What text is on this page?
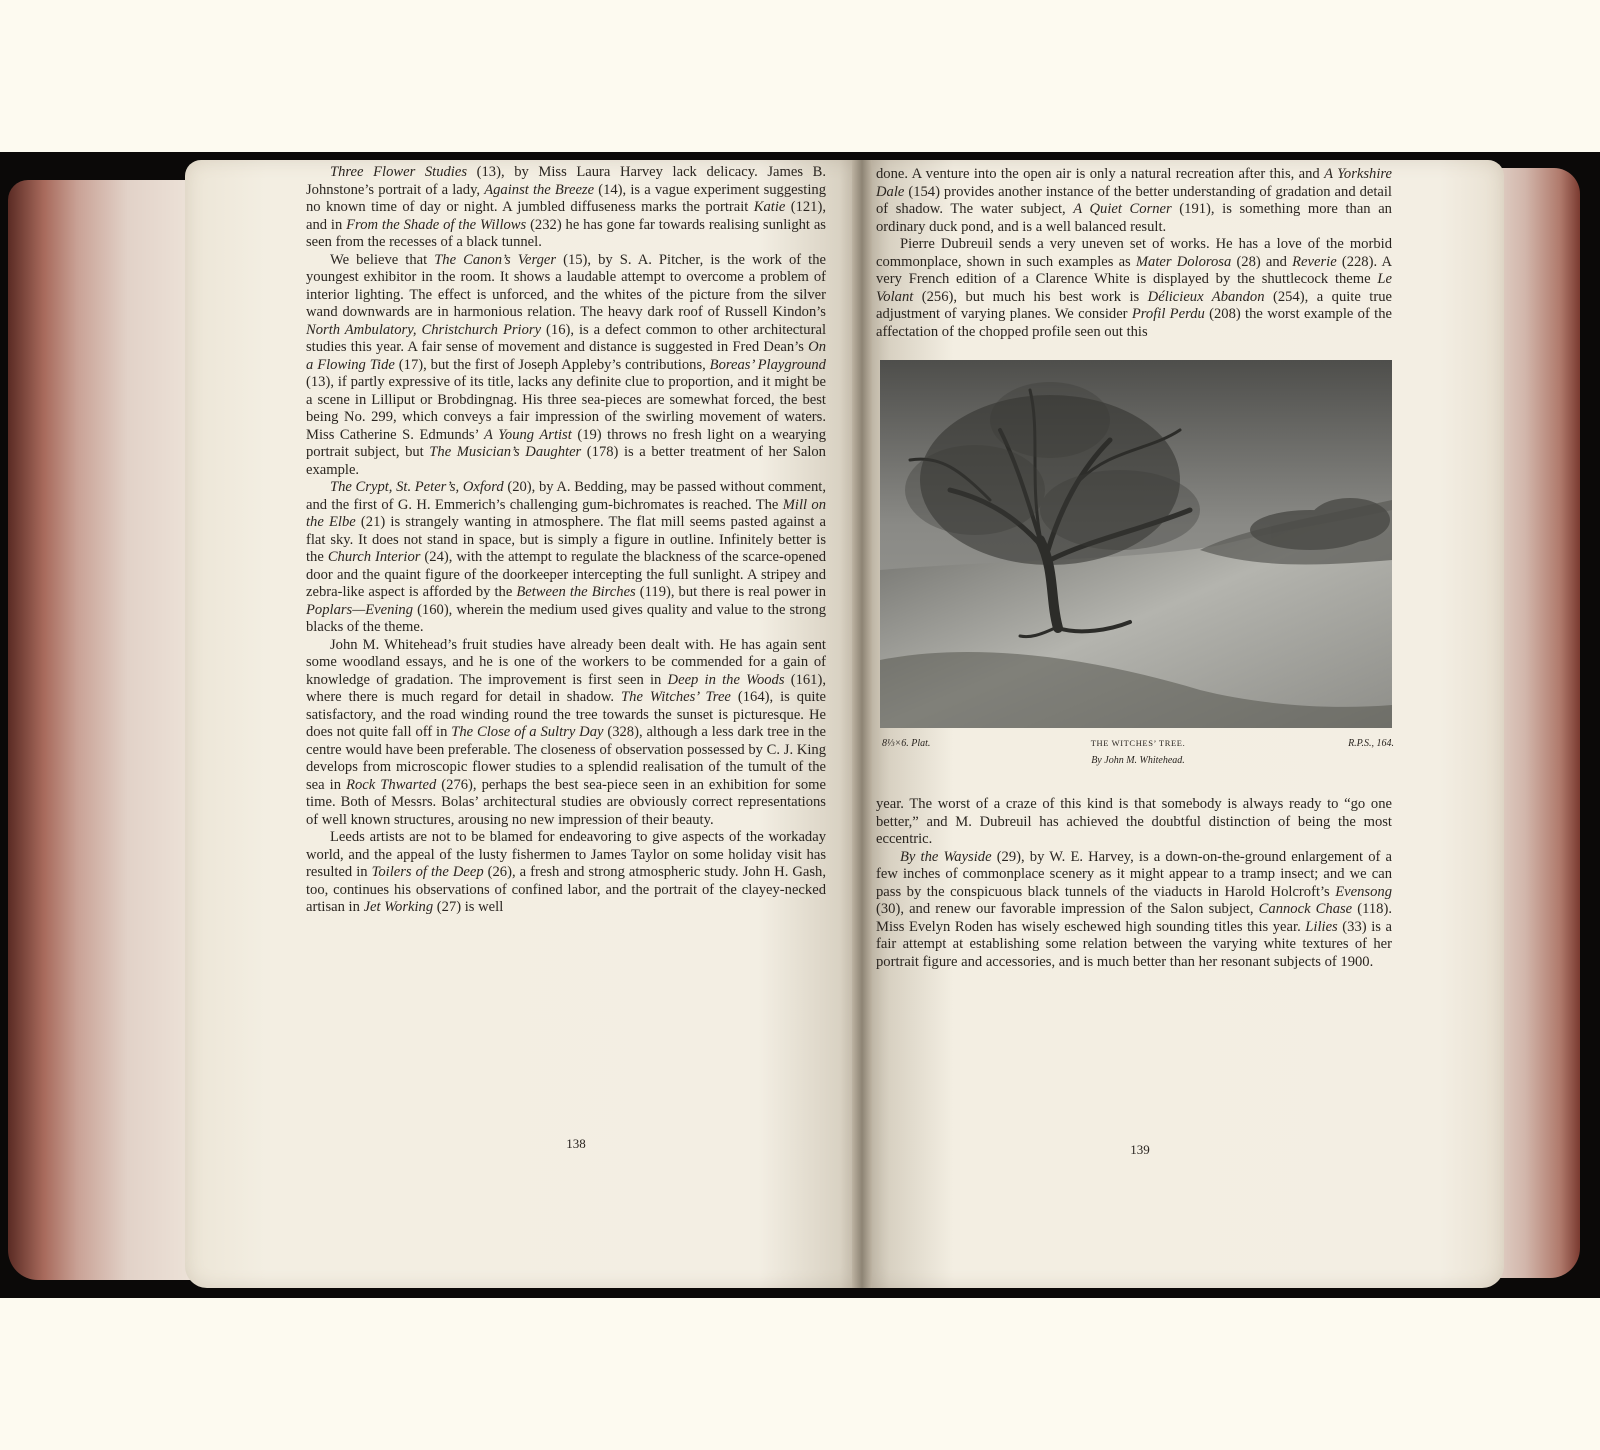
Three Flower Studies (13), by Miss Laura Harvey lack delicacy. James B. Johnstone’s portrait of a lady, Against the Breeze (14), is a vague experiment suggesting no known time of day or night. A jumbled diffuseness marks the portrait Katie (121), and in From the Shade of the Willows (232) he has gone far towards realising sunlight as seen from the recesses of a black tunnel.

We believe that The Canon’s Verger (15), by S. A. Pitcher, is the work of the youngest exhibitor in the room. It shows a laudable attempt to overcome a problem of interior lighting. The effect is unforced, and the whites of the picture from the silver wand downwards are in harmonious relation. The heavy dark roof of Russell Kindon’s North Ambulatory, Christchurch Priory (16), is a defect common to other architectural studies this year. A fair sense of movement and distance is suggested in Fred Dean’s On a Flowing Tide (17), but the first of Joseph Appleby’s contributions, Boreas’ Playground (13), if partly expressive of its title, lacks any definite clue to proportion, and it might be a scene in Lilliput or Brobdingnag. His three sea-pieces are somewhat forced, the best being No. 299, which conveys a fair impression of the swirling movement of waters. Miss Catherine S. Edmunds’ A Young Artist (19) throws no fresh light on a wearying portrait subject, but The Musician’s Daughter (178) is a better treatment of her Salon example.

The Crypt, St. Peter’s, Oxford (20), by A. Bedding, may be passed without comment, and the first of G. H. Emmerich’s challenging gum-bichromates is reached. The Mill on the Elbe (21) is strangely wanting in atmosphere. The flat mill seems pasted against a flat sky. It does not stand in space, but is simply a figure in outline. Infinitely better is the Church Interior (24), with the attempt to regulate the blackness of the scarce-opened door and the quaint figure of the doorkeeper intercepting the full sunlight. A stripey and zebra-like aspect is afforded by the Between the Birches (119), but there is real power in Poplars—Evening (160), wherein the medium used gives quality and value to the strong blacks of the theme.

John M. Whitehead’s fruit studies have already been dealt with. He has again sent some woodland essays, and he is one of the workers to be commended for a gain of knowledge of gradation. The improvement is first seen in Deep in the Woods (161), where there is much regard for detail in shadow. The Witches’ Tree (164), is quite satisfactory, and the road winding round the tree towards the sunset is picturesque. He does not quite fall off in The Close of a Sultry Day (328), although a less dark tree in the centre would have been preferable. The closeness of observation possessed by C. J. King develops from microscopic flower studies to a splendid realisation of the tumult of the sea in Rock Thwarted (276), perhaps the best sea-piece seen in an exhibition for some time. Both of Messrs. Bolas’ architectural studies are obviously correct representations of well known structures, arousing no new impression of their beauty.

Leeds artists are not to be blamed for endeavoring to give aspects of the workaday world, and the appeal of the lusty fishermen to James Taylor on some holiday visit has resulted in Toilers of the Deep (26), a fresh and strong atmospheric study. John H. Gash, too, continues his observations of confined labor, and the portrait of the clayey-necked artisan in Jet Working (27) is well

138

done. A venture into the open air is only a natural recreation after this, and A Yorkshire Dale (154) provides another instance of the better understanding of gradation and detail of shadow. The water subject, A Quiet Corner (191), is something more than an ordinary duck pond, and is a well balanced result.

Pierre Dubreuil sends a very uneven set of works. He has a love of the morbid commonplace, shown in such examples as Mater Dolorosa (28) and Reverie (228). A very French edition of a Clarence White is displayed by the shuttlecock theme Le Volant (256), but much his best work is Délicieux Abandon (254), a quite true adjustment of varying planes. We consider Profil Perdu (208) the worst example of the affectation of the chopped profile seen out this

8⅓×6. Plat.	THE WITCHES’ TREE.	R.P.S., 164.
By John M. Whitehead.

year. The worst of a craze of this kind is that somebody is always ready to “go one better,” and M. Dubreuil has achieved the doubtful distinction of being the most eccentric.

By the Wayside (29), by W. E. Harvey, is a down-on-the-ground enlargement of a few inches of commonplace scenery as it might appear to a tramp insect; and we can pass by the conspicuous black tunnels of the viaducts in Harold Holcroft’s Evensong (30), and renew our favorable impression of the Salon subject, Cannock Chase (118). Miss Evelyn Roden has wisely eschewed high sounding titles this year. Lilies (33) is a fair attempt at establishing some relation between the varying white textures of her portrait figure and accessories, and is much better than her resonant subjects of 1900.

139
